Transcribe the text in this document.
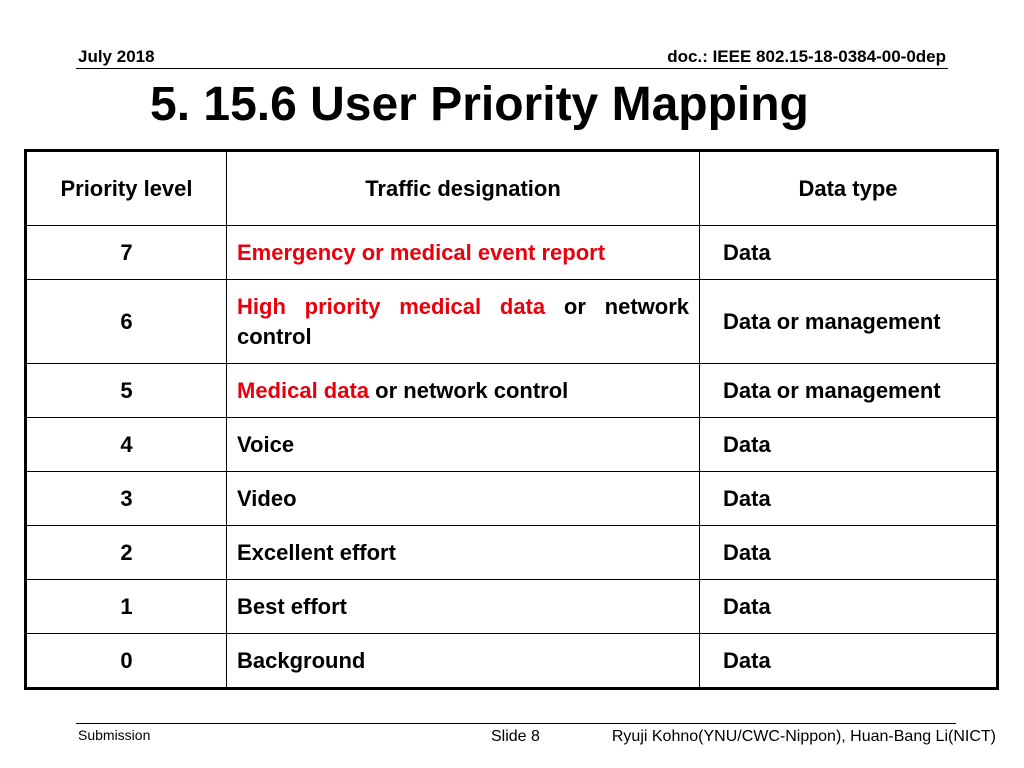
July 2018	doc.: IEEE 802.15-18-0384-00-0dep
5. 15.6 User Priority Mapping
Priority level	Traffic designation	Data type
7	Emergency or medical event report	Data
6	High priority medical data or network control	Data or management
5	Medical data or network control	Data or management
4	Voice	Data
3	Video	Data
2	Excellent effort	Data
1	Best effort	Data
0	Background	Data
Submission	Slide 8	Ryuji Kohno(YNU/CWC-Nippon), Huan-Bang Li(NICT)
